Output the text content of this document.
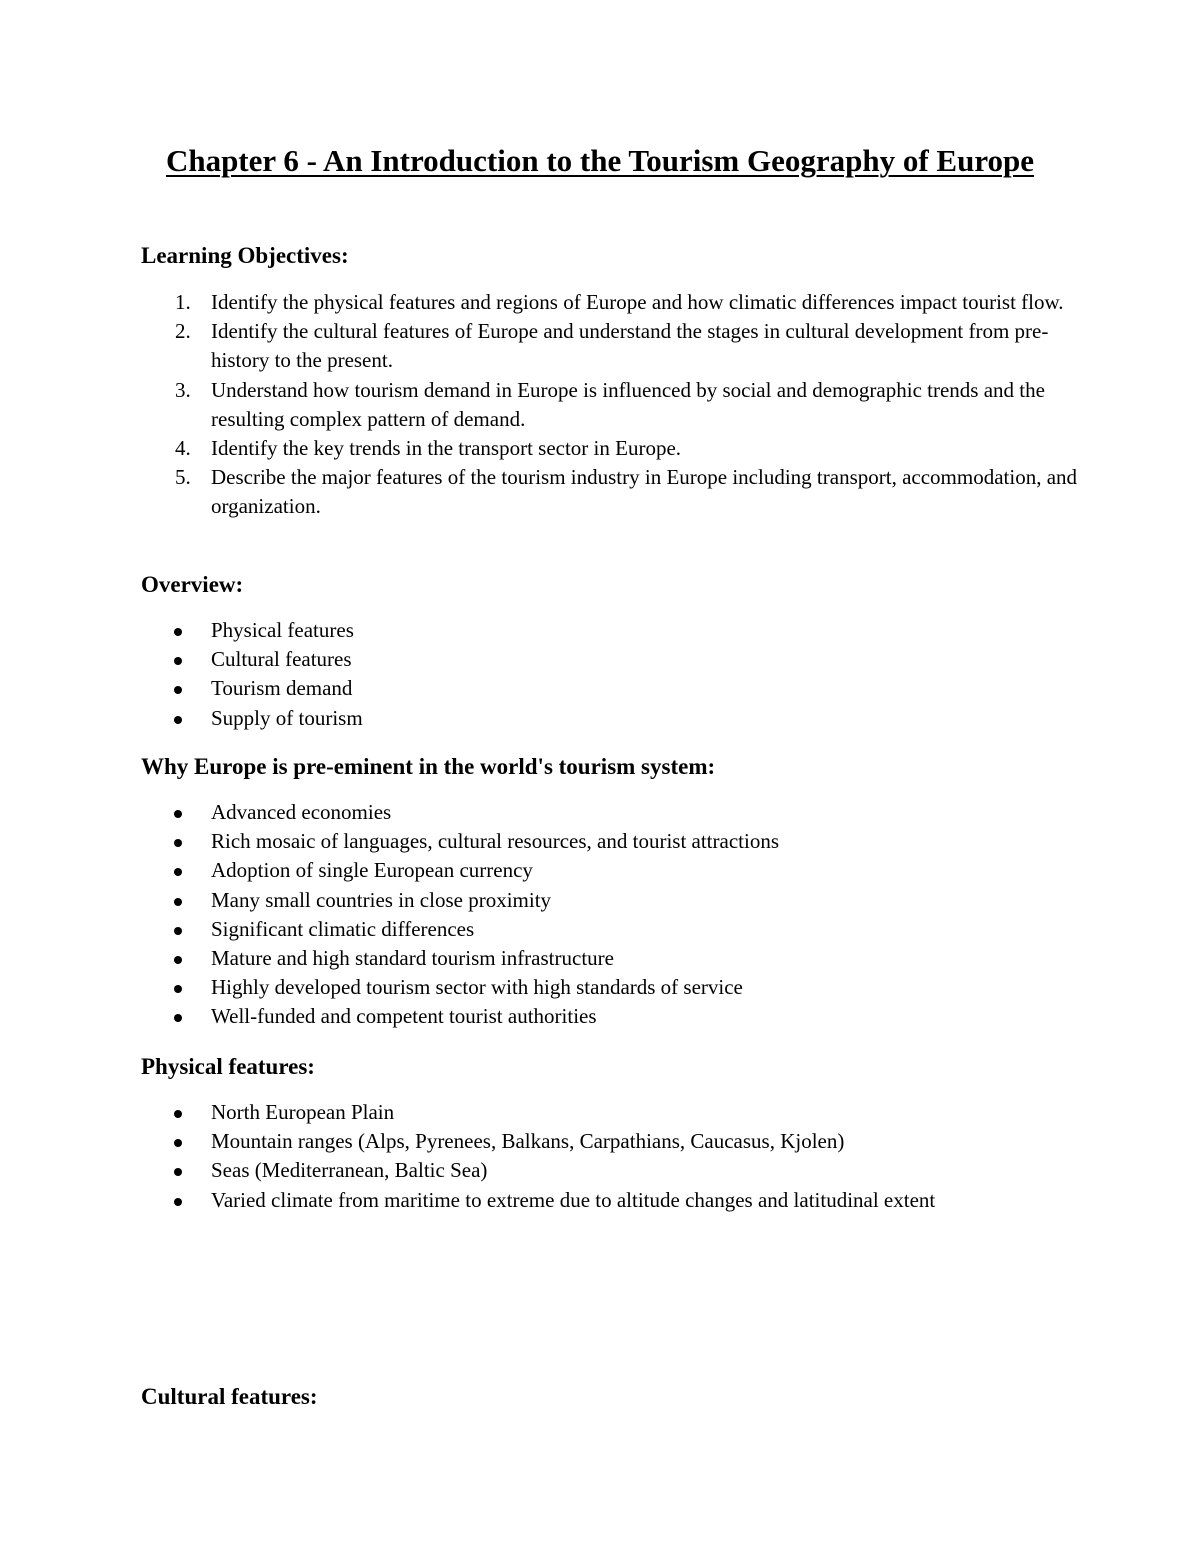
Chapter 6 - An Introduction to the Tourism Geography of Europe
Learning Objectives:
1. Identify the physical features and regions of Europe and how climatic differences impact tourist flow.
2. Identify the cultural features of Europe and understand the stages in cultural development from pre-history to the present.
3. Understand how tourism demand in Europe is influenced by social and demographic trends and the resulting complex pattern of demand.
4. Identify the key trends in the transport sector in Europe.
5. Describe the major features of the tourism industry in Europe including transport, accommodation, and organization.
Overview:
Physical features
Cultural features
Tourism demand
Supply of tourism
Why Europe is pre-eminent in the world's tourism system:
Advanced economies
Rich mosaic of languages, cultural resources, and tourist attractions
Adoption of single European currency
Many small countries in close proximity
Significant climatic differences
Mature and high standard tourism infrastructure
Highly developed tourism sector with high standards of service
Well-funded and competent tourist authorities
Physical features:
North European Plain
Mountain ranges (Alps, Pyrenees, Balkans, Carpathians, Caucasus, Kjolen)
Seas (Mediterranean, Baltic Sea)
Varied climate from maritime to extreme due to altitude changes and latitudinal extent
Cultural features:
